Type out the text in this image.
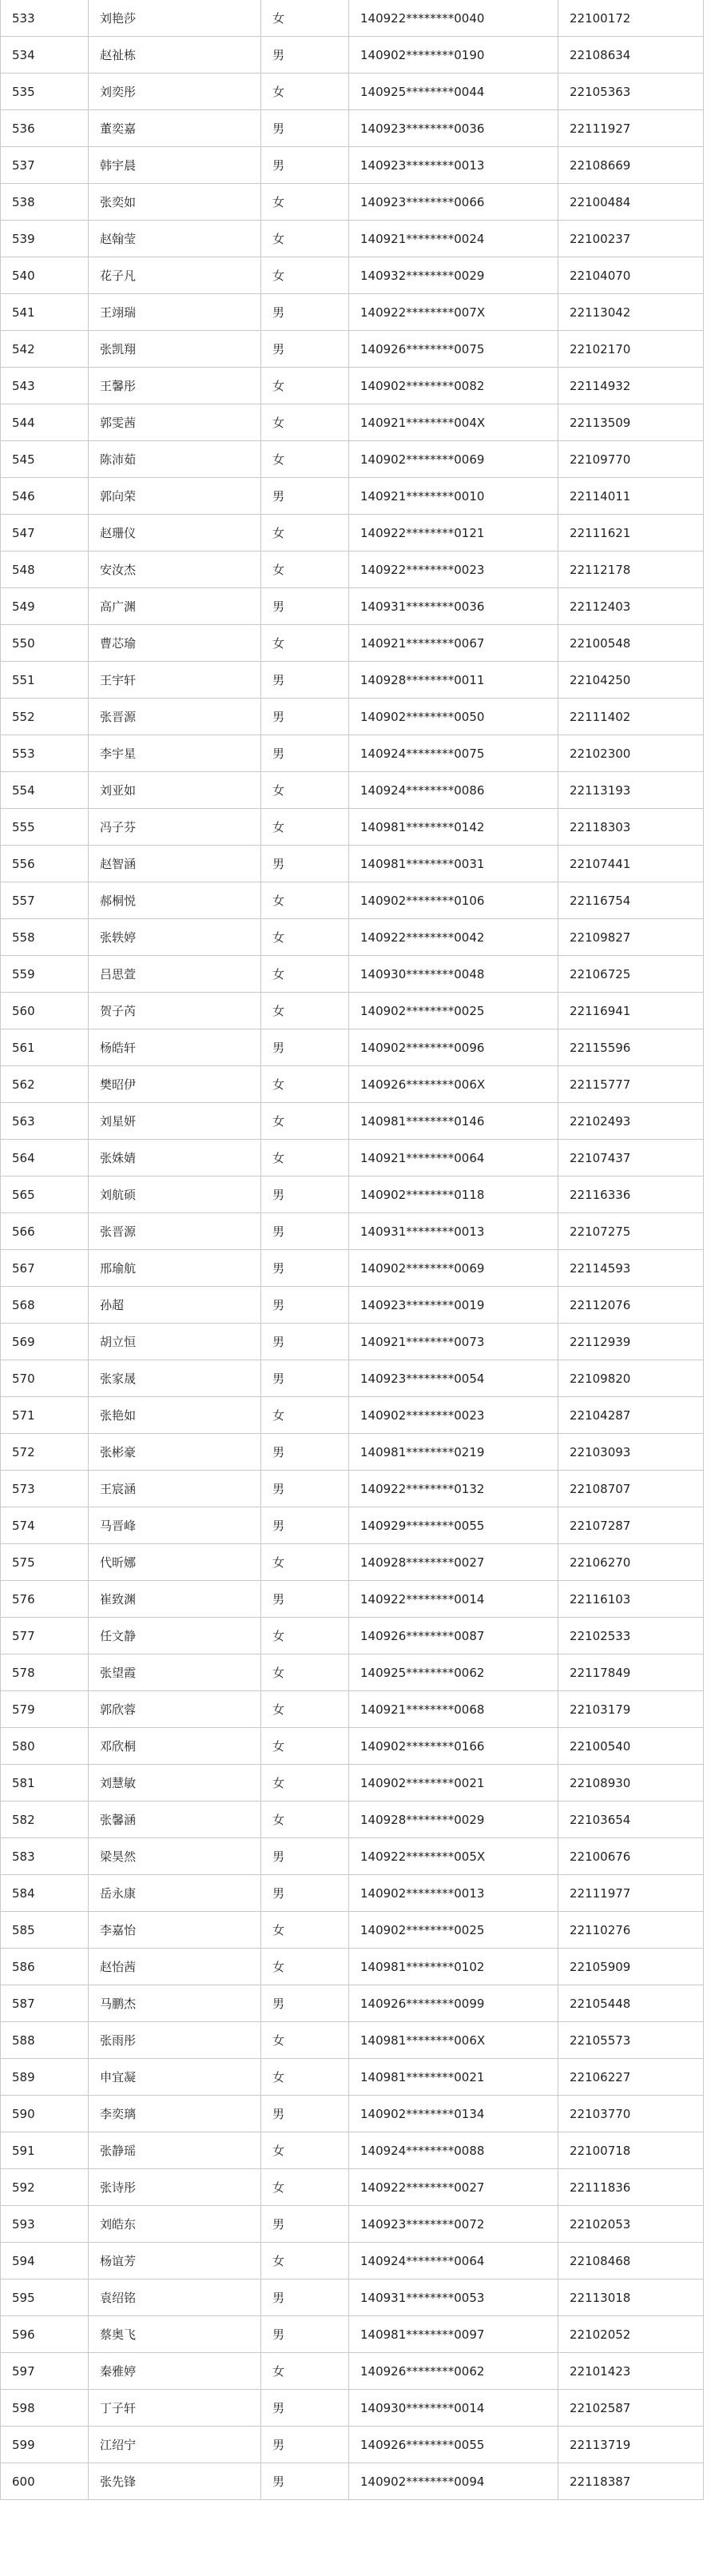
533	刘艳莎	女	140922********0040	22100172
534	赵祉栋	男	140902********0190	22108634
535	刘奕彤	女	140925********0044	22105363
536	董奕嘉	男	140923********0036	22111927
537	韩宇晨	男	140923********0013	22108669
538	张奕如	女	140923********0066	22100484
539	赵翰莹	女	140921********0024	22100237
540	花子凡	女	140932********0029	22104070
541	王翊瑞	男	140922********007X	22113042
542	张凯翔	男	140926********0075	22102170
543	王馨彤	女	140902********0082	22114932
544	郭雯茜	女	140921********004X	22113509
545	陈沛茹	女	140902********0069	22109770
546	郭向荣	男	140921********0010	22114011
547	赵珊仪	女	140922********0121	22111621
548	安汝杰	女	140922********0023	22112178
549	高广渊	男	140931********0036	22112403
550	曹芯瑜	女	140921********0067	22100548
551	王宇轩	男	140928********0011	22104250
552	张晋源	男	140902********0050	22111402
553	李宇星	男	140924********0075	22102300
554	刘亚如	女	140924********0086	22113193
555	冯子芬	女	140981********0142	22118303
556	赵智涵	男	140981********0031	22107441
557	郝桐悦	女	140902********0106	22116754
558	张轶婷	女	140922********0042	22109827
559	吕思萱	女	140930********0048	22106725
560	贺子芮	女	140902********0025	22116941
561	杨皓轩	男	140902********0096	22115596
562	樊昭伊	女	140926********006X	22115777
563	刘星妍	女	140981********0146	22102493
564	张姝婧	女	140921********0064	22107437
565	刘航硕	男	140902********0118	22116336
566	张晋源	男	140931********0013	22107275
567	邢瑜航	男	140902********0069	22114593
568	孙超	男	140923********0019	22112076
569	胡立恒	男	140921********0073	22112939
570	张家晟	男	140923********0054	22109820
571	张艳如	女	140902********0023	22104287
572	张彬豪	男	140981********0219	22103093
573	王宸涵	男	140922********0132	22108707
574	马晋峰	男	140929********0055	22107287
575	代昕娜	女	140928********0027	22106270
576	崔致渊	男	140922********0014	22116103
577	任文静	女	140926********0087	22102533
578	张望霞	女	140925********0062	22117849
579	郭欣蓉	女	140921********0068	22103179
580	邓欣桐	女	140902********0166	22100540
581	刘慧敏	女	140902********0021	22108930
582	张馨涵	女	140928********0029	22103654
583	梁昊然	男	140922********005X	22100676
584	岳永康	男	140902********0013	22111977
585	李嘉怡	女	140902********0025	22110276
586	赵怡茜	女	140981********0102	22105909
587	马鹏杰	男	140926********0099	22105448
588	张雨彤	女	140981********006X	22105573
589	申宜凝	女	140981********0021	22106227
590	李奕璃	男	140902********0134	22103770
591	张静瑶	女	140924********0088	22100718
592	张诗彤	女	140922********0027	22111836
593	刘皓东	男	140923********0072	22102053
594	杨谊芳	女	140924********0064	22108468
595	袁绍铭	男	140931********0053	22113018
596	蔡奥飞	男	140981********0097	22102052
597	秦雅婷	女	140926********0062	22101423
598	丁子轩	男	140930********0014	22102587
599	江绍宁	男	140926********0055	22113719
600	张先锋	男	140902********0094	22118387
